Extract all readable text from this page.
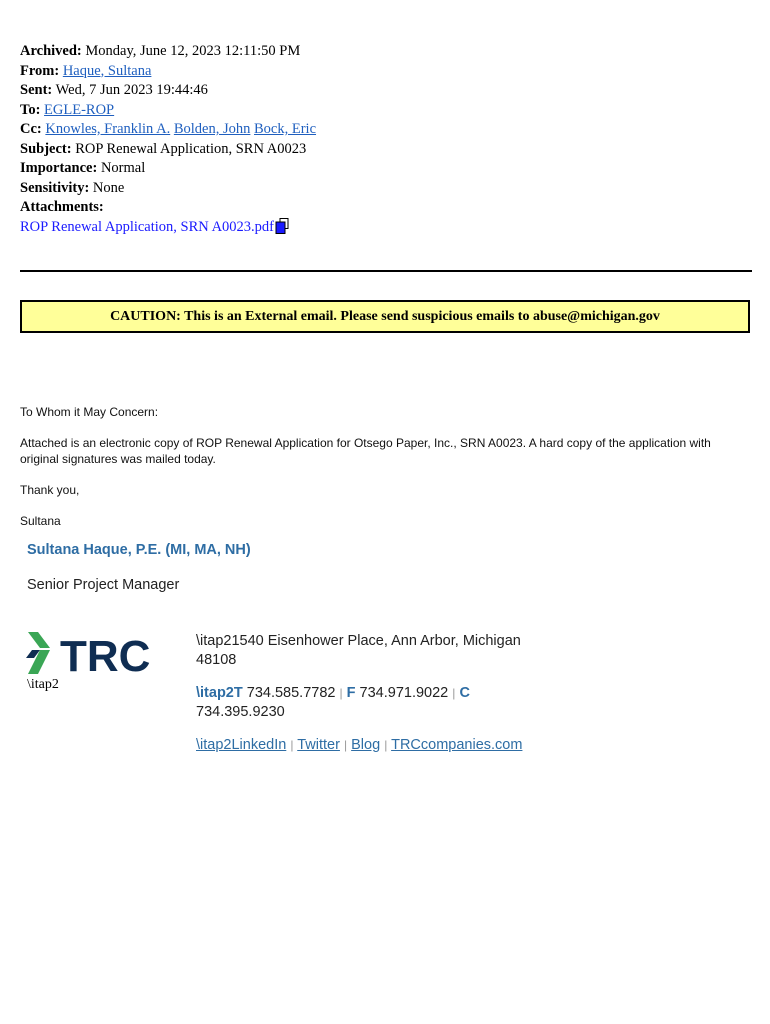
Archived: Monday, June 12, 2023 12:11:50 PM
From: Haque, Sultana
Sent: Wed, 7 Jun 2023 19:44:46
To: EGLE-ROP
Cc: Knowles, Franklin A. Bolden, John Bock, Eric
Subject: ROP Renewal Application, SRN A0023
Importance: Normal
Sensitivity: None
Attachments:
ROP Renewal Application, SRN A0023.pdf
CAUTION: This is an External email. Please send suspicious emails to abuse@michigan.gov

To Whom it May Concern:

Attached is an electronic copy of ROP Renewal Application for Otsego Paper, Inc., SRN A0023. A hard copy of the application with original signatures was mailed today.

Thank you,

Sultana

Sultana Haque, P.E. (MI, MA, NH)
Senior Project Manager
TRC
\itap2
\itap21540 Eisenhower Place, Ann Arbor, Michigan 48108
\itap2T 734.585.7782 | F 734.971.9022 | C 734.395.9230
\itap2LinkedIn | Twitter | Blog | TRCcompanies.com
